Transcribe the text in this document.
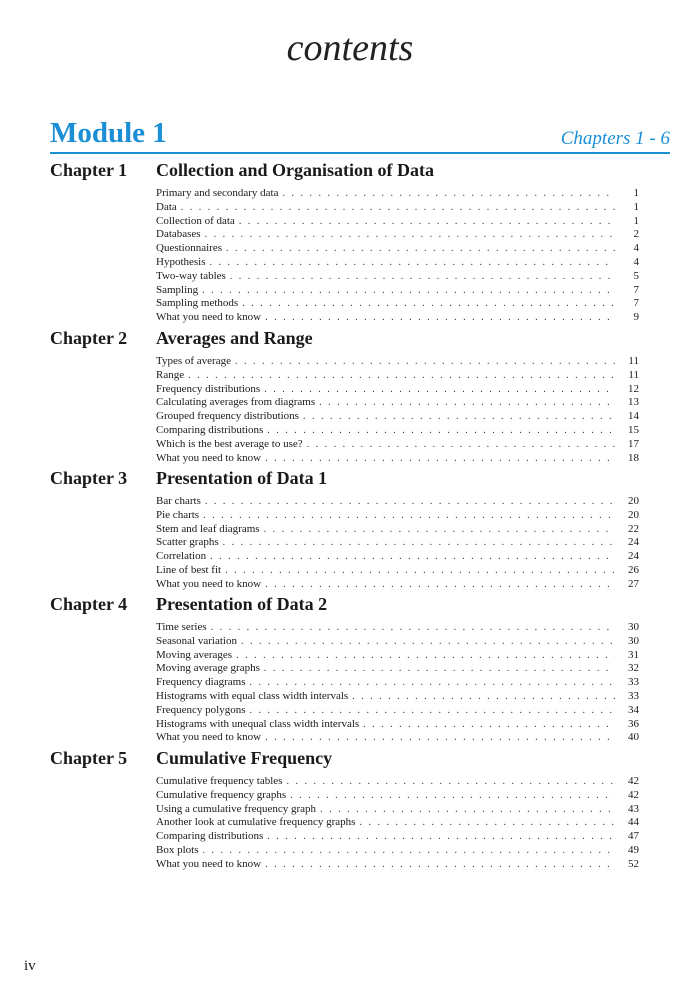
contents
Module 1	Chapters 1 - 6
Chapter 1 Collection and Organisation of Data
Primary and secondary data . . .	1
Data . . .	1
Collection of data . . .	1
Databases . . .	2
Questionnaires . . .	4
Hypothesis . . .	4
Two-way tables . . .	5
Sampling . . .	7
Sampling methods . . .	7
What you need to know . . .	9
Chapter 2 Averages and Range
Types of average . . .	11
Range . . .	11
Frequency distributions . . .	12
Calculating averages from diagrams . . .	13
Grouped frequency distributions . . .	14
Comparing distributions . . .	15
Which is the best average to use? . . .	17
What you need to know . . .	18
Chapter 3 Presentation of Data 1
Bar charts . . .	20
Pie charts . . .	20
Stem and leaf diagrams . . .	22
Scatter graphs . . .	24
Correlation . . .	24
Line of best fit . . .	26
What you need to know . . .	27
Chapter 4 Presentation of Data 2
Time series . . .	30
Seasonal variation . . .	30
Moving averages . . .	31
Moving average graphs . . .	32
Frequency diagrams . . .	33
Histograms with equal class width intervals . . .	33
Frequency polygons . . .	34
Histograms with unequal class width intervals . . .	36
What you need to know . . .	40
Chapter 5 Cumulative Frequency
Cumulative frequency tables . . .	42
Cumulative frequency graphs . . .	42
Using a cumulative frequency graph . . .	43
Another look at cumulative frequency graphs . . .	44
Comparing distributions . . .	47
Box plots . . .	49
What you need to know . . .	52
iv
